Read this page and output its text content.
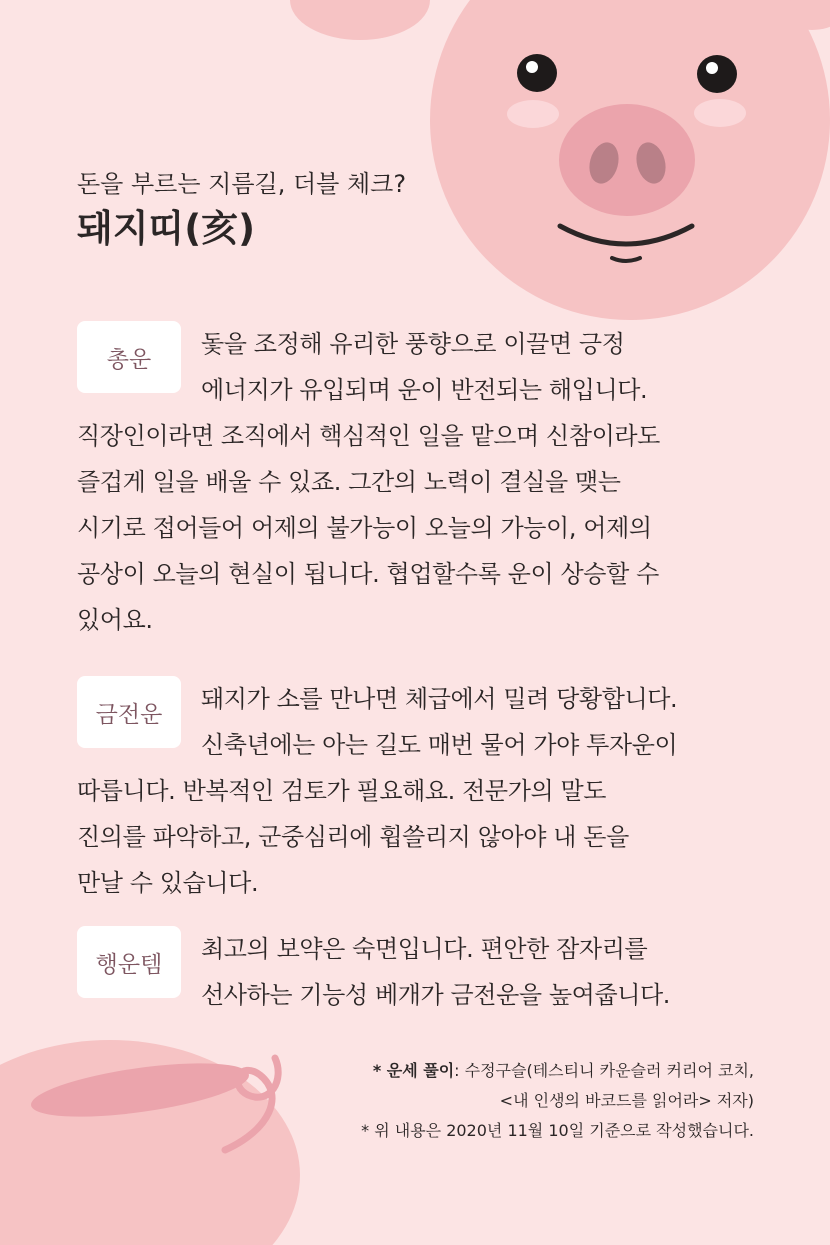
돈을 부르는 지름길, 더블 체크?
돼지띠(亥)
총운
돛을 조정해 유리한 풍향으로 이끌면 긍정
에너지가 유입되며 운이 반전되는 해입니다.
직장인이라면 조직에서 핵심적인 일을 맡으며 신참이라도
즐겁게 일을 배울 수 있죠. 그간의 노력이 결실을 맺는
시기로 접어들어 어제의 불가능이 오늘의 가능이, 어제의
공상이 오늘의 현실이 됩니다. 협업할수록 운이 상승할 수
있어요.
금전운
돼지가 소를 만나면 체급에서 밀려 당황합니다.
신축년에는 아는 길도 매번 물어 가야 투자운이
따릅니다. 반복적인 검토가 필요해요. 전문가의 말도
진의를 파악하고, 군중심리에 휩쓸리지 않아야 내 돈을
만날 수 있습니다.
행운템
최고의 보약은 숙면입니다. 편안한 잠자리를
선사하는 기능성 베개가 금전운을 높여줍니다.
* 운세 풀이: 수정구슬(테스티니 카운슬러 커리어 코치,
<내 인생의 바코드를 읽어라> 저자)
* 위 내용은 2020년 11월 10일 기준으로 작성했습니다.
